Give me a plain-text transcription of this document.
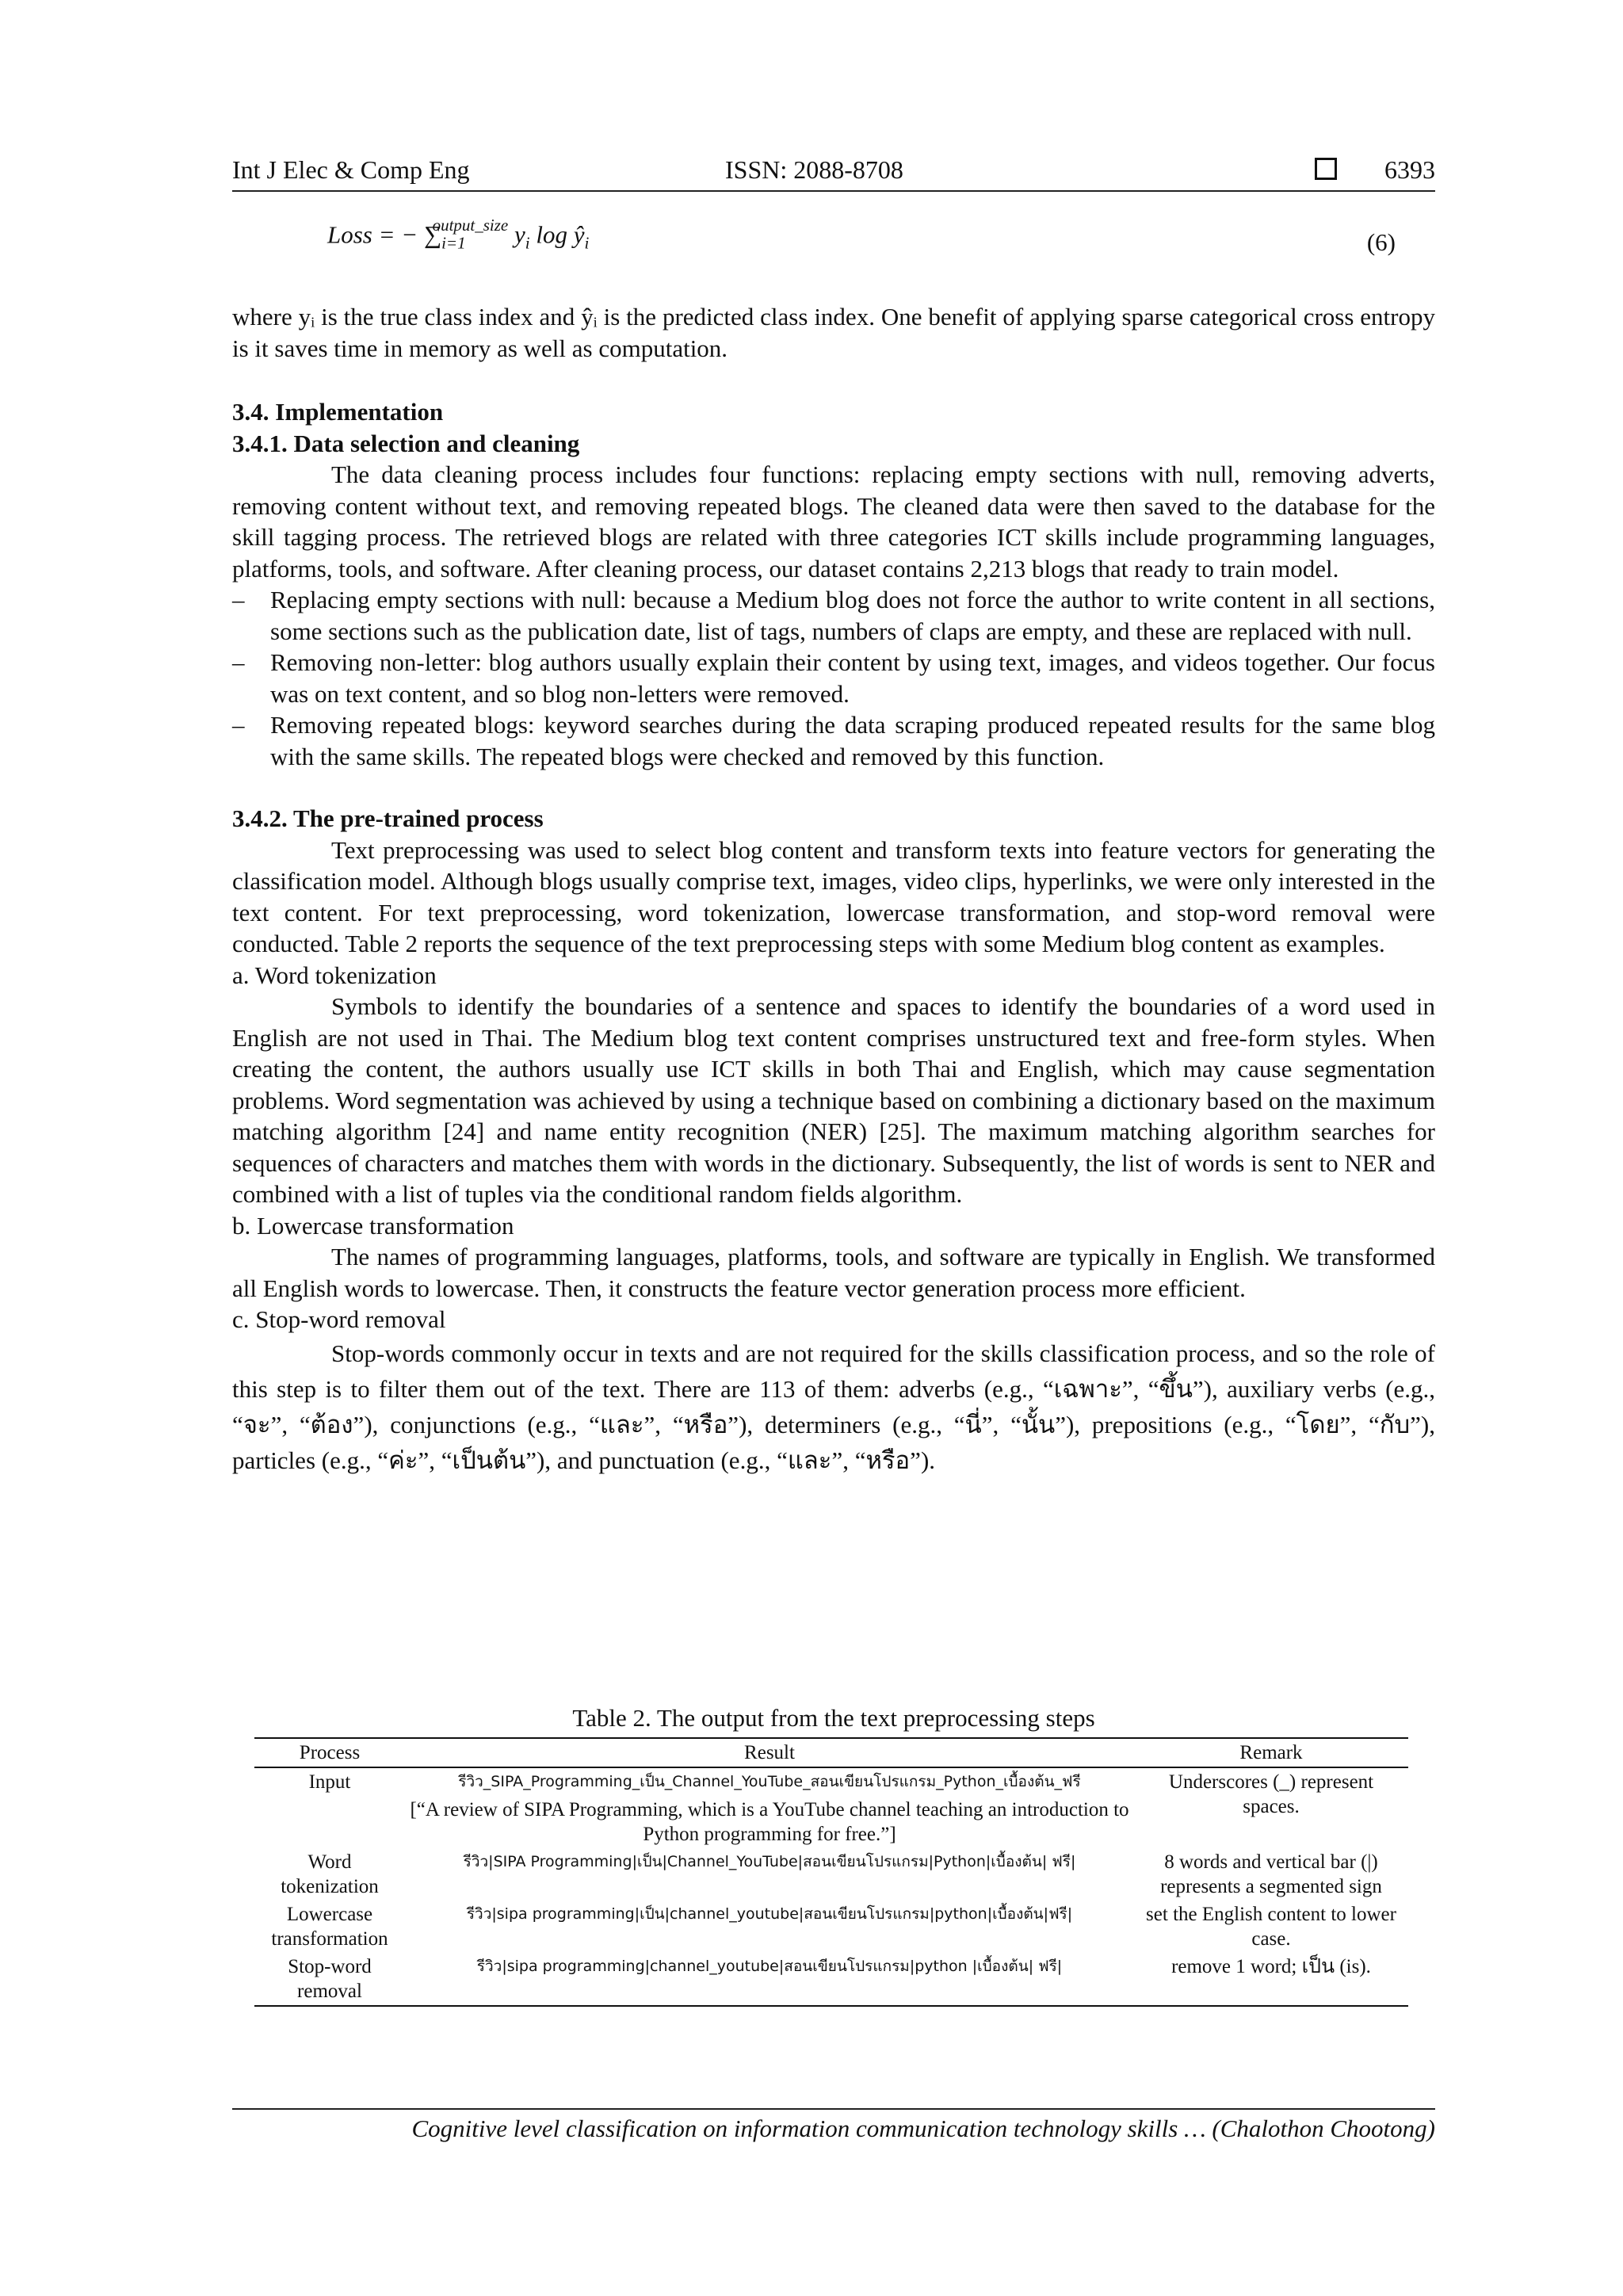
Int J Elec & Comp Eng	ISSN: 2088-8708	6393
Loss = − $\sum_{i=1}^{output\_size}$ $y_i$ $\log ŷ_i$	(6)
where yᵢ is the true class index and ŷᵢ is the predicted class index. One benefit of applying sparse categorical cross entropy is it saves time in memory as well as computation.
3.4. Implementation
3.4.1. Data selection and cleaning
The data cleaning process includes four functions: replacing empty sections with null, removing adverts, removing content without text, and removing repeated blogs. The cleaned data were then saved to the database for the skill tagging process. The retrieved blogs are related with three categories ICT skills include programming languages, platforms, tools, and software. After cleaning process, our dataset contains 2,213 blogs that ready to train model.
– Replacing empty sections with null: because a Medium blog does not force the author to write content in all sections, some sections such as the publication date, list of tags, numbers of claps are empty, and these are replaced with null.
– Removing non-letter: blog authors usually explain their content by using text, images, and videos together. Our focus was on text content, and so blog non-letters were removed.
– Removing repeated blogs: keyword searches during the data scraping produced repeated results for the same blog with the same skills. The repeated blogs were checked and removed by this function.
3.4.2. The pre-trained process
Text preprocessing was used to select blog content and transform texts into feature vectors for generating the classification model. Although blogs usually comprise text, images, video clips, hyperlinks, we were only interested in the text content. For text preprocessing, word tokenization, lowercase transformation, and stop-word removal were conducted. Table 2 reports the sequence of the text preprocessing steps with some Medium blog content as examples.
a. Word tokenization
Symbols to identify the boundaries of a sentence and spaces to identify the boundaries of a word used in English are not used in Thai. The Medium blog text content comprises unstructured text and free-form styles. When creating the content, the authors usually use ICT skills in both Thai and English, which may cause segmentation problems. Word segmentation was achieved by using a technique based on combining a dictionary based on the maximum matching algorithm [24] and name entity recognition (NER) [25]. The maximum matching algorithm searches for sequences of characters and matches them with words in the dictionary. Subsequently, the list of words is sent to NER and combined with a list of tuples via the conditional random fields algorithm.
b. Lowercase transformation
The names of programming languages, platforms, tools, and software are typically in English. We transformed all English words to lowercase. Then, it constructs the feature vector generation process more efficient.
c. Stop-word removal
Stop-words commonly occur in texts and are not required for the skills classification process, and so the role of this step is to filter them out of the text. There are 113 of them: adverbs (e.g., “เฉพาะ”, “ขึ้น”), auxiliary verbs (e.g., “จะ”, “ต้อง”), conjunctions (e.g., “และ”, “หรือ”), determiners (e.g., “นี่”, “นั้น”), prepositions (e.g., “โดย”, “กับ”), particles (e.g., “ค่ะ”, “เป็นต้น”), and punctuation (e.g., “และ”, “หรือ”).
Table 2. The output from the text preprocessing steps
Process	Result	Remark
Input	รีวิว_SIPA_Programming_เป็น_Channel_YouTube_สอนเขียนโปรแกรม_Python_เบื้องต้น_ฟรี	Underscores (_) represent spaces.
	[“A review of SIPA Programming, which is a YouTube channel teaching an introduction to Python programming for free.”]	
Word tokenization	รีวิว|SIPA Programming|เป็น|Channel_YouTube|สอนเขียนโปรแกรม|Python|เบื้องต้น| ฟรี|	8 words and vertical bar (|) represents a segmented sign
Lowercase transformation	รีวิว|sipa programming|เป็น|channel_youtube|สอนเขียนโปรแกรม|python|เบื้องต้น|ฟรี|	set the English content to lower case.
Stop-word removal	รีวิว|sipa programming|channel_youtube|สอนเขียนโปรแกรม|python |เบื้องต้น| ฟรี|	remove 1 word; เป็น (is).
Cognitive level classification on information communication technology skills … (Chalothon Chootong)
